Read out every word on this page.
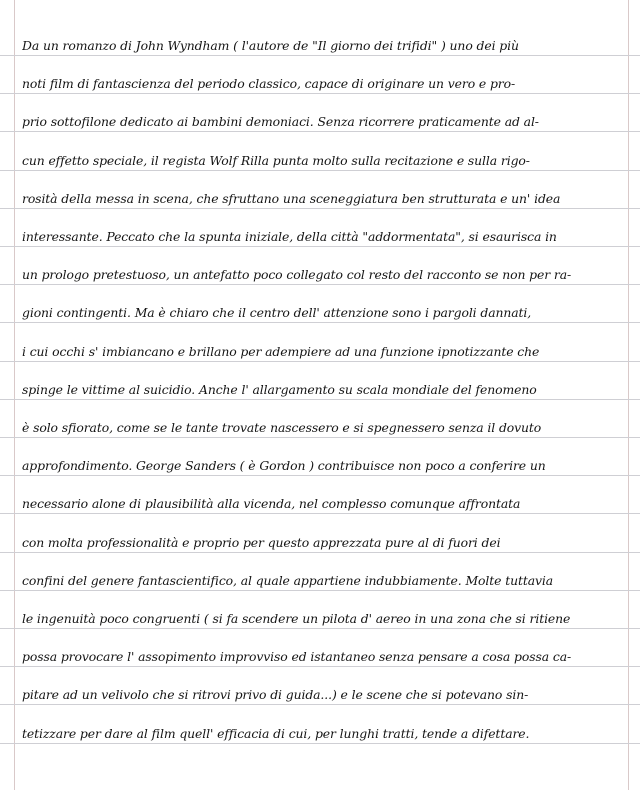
Da un romanzo di John Wyndham ( l'autore de "Il giorno dei trifidi" ) uno dei più
noti film di fantascienza del periodo classico, capace di originare un vero e pro-
prio sottofilone dedicato ai bambini demoniaci. Senza ricorrere praticamente ad al-
cun effetto speciale, il regista Wolf Rilla punta molto sulla recitazione e sulla rigo-
rosità della messa in scena, che sfruttano una sceneggiatura ben strutturata e un' idea
interessante. Peccato che la spunta iniziale, della città "addormentata", si esaurisca in
un prologo pretestuoso, un antefatto poco collegato col resto del racconto se non per ra-
gioni contingenti. Ma è chiaro che il centro dell' attenzione sono i pargoli dannati,
i cui occhi s' imbiancano e brillano per adempiere ad una funzione ipnotizzante che
spinge le vittime al suicidio. Anche l' allargamento su scala mondiale del fenomeno
è solo sfiorato, come se le tante trovate nascessero e si spegnessero senza il dovuto
approfondimento. George Sanders ( è Gordon ) contribuisce non poco a conferire un
necessario alone di plausibilità alla vicenda, nel complesso comunque affrontata
con molta professionalità e proprio per questo apprezzata pure al di fuori dei
confini del genere fantascientifico, al quale appartiene indubbiamente. Molte tuttavia
le ingenuità poco congruenti ( si fa scendere un pilota d' aereo in una zona che si ritiene
possa provocare l' assopimento improvviso ed istantaneo senza pensare a cosa possa ca-
pitare ad un velivolo che si ritrovi privo di guida...) e le scene che si potevano sin-
tetizzare per dare al film quell' efficacia di cui, per lunghi tratti, tende a difettare.
